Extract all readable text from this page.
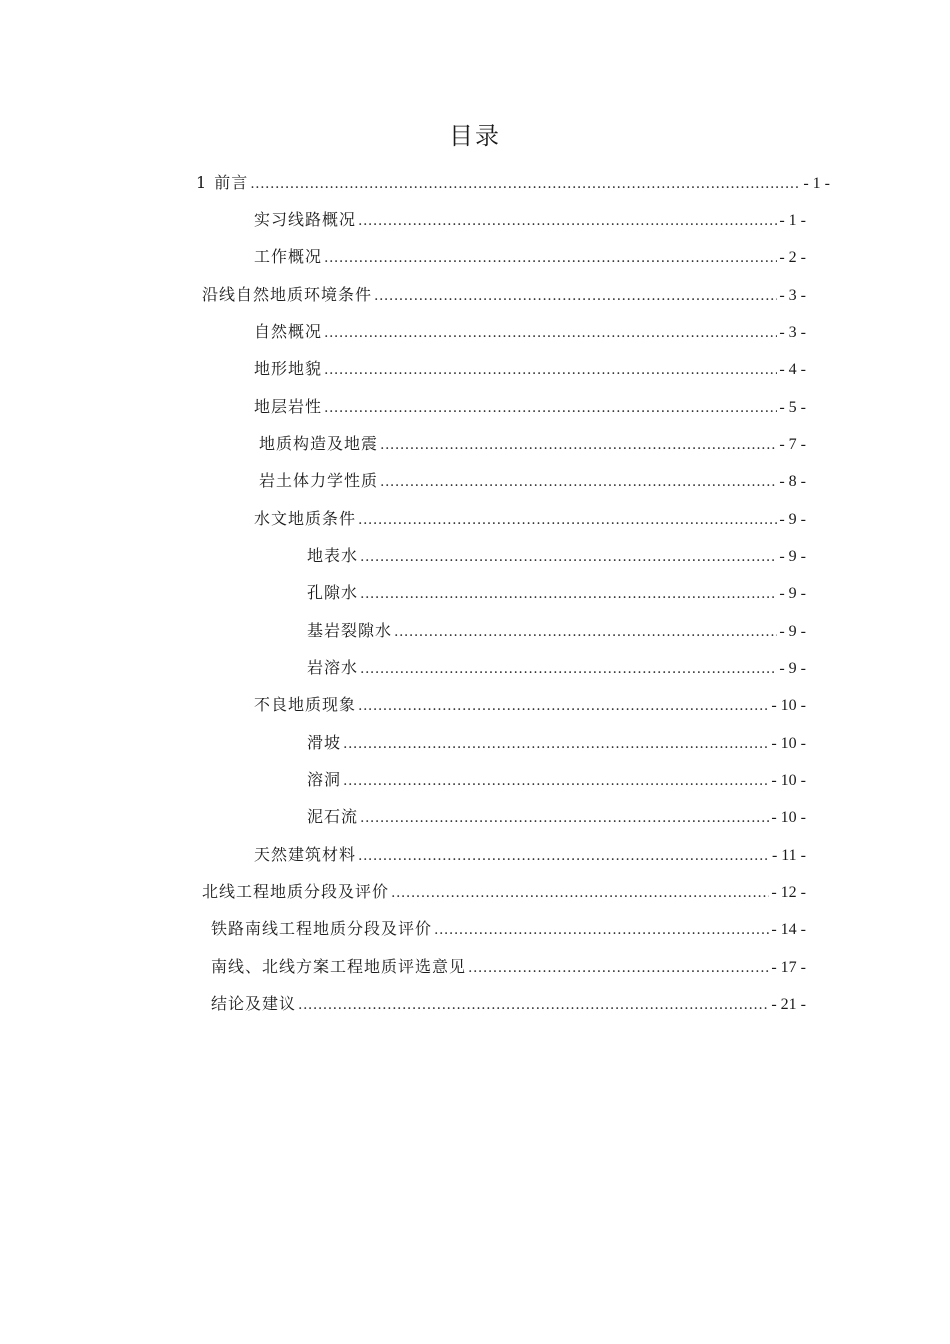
目录
1 前言 .....	- 1 -
实习线路概况 .....	- 1 -
工作概况 .....	- 2 -
沿线自然地质环境条件 .....	- 3 -
自然概况 .....	- 3 -
地形地貌 .....	- 4 -
地层岩性 .....	- 5 -
地质构造及地震 .....	- 7 -
岩土体力学性质 .....	- 8 -
水文地质条件 .....	- 9 -
地表水 .....	- 9 -
孔隙水 .....	- 9 -
基岩裂隙水 .....	- 9 -
岩溶水 .....	- 9 -
不良地质现象 .....	- 10 -
滑坡 .....	- 10 -
溶洞 .....	- 10 -
泥石流 .....	- 10 -
天然建筑材料 .....	- 11 -
北线工程地质分段及评价 .....	- 12 -
铁路南线工程地质分段及评价 .....	- 14 -
南线、北线方案工程地质评选意见 .....	- 17 -
结论及建议 .....	- 21 -
